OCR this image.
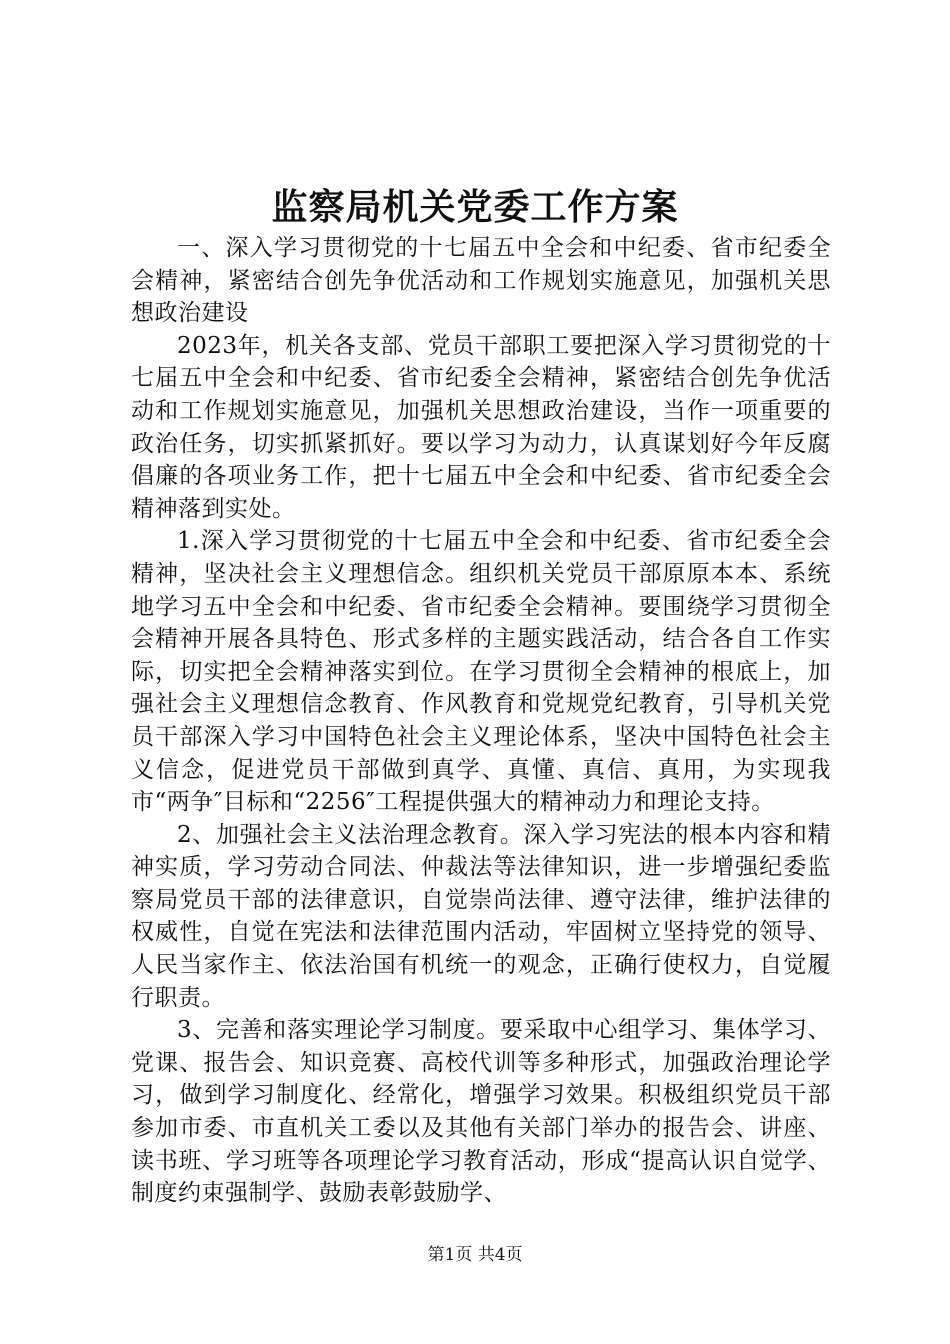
监察局机关党委工作方案

一、深入学习贯彻党的十七届五中全会和中纪委、省市纪委全会精神，紧密结合创先争优活动和工作规划实施意见，加强机关思想政治建设

2023年，机关各支部、党员干部职工要把深入学习贯彻党的十七届五中全会和中纪委、省市纪委全会精神，紧密结合创先争优活动和工作规划实施意见，加强机关思想政治建设，当作一项重要的政治任务，切实抓紧抓好。要以学习为动力，认真谋划好今年反腐倡廉的各项业务工作，把十七届五中全会和中纪委、省市纪委全会精神落到实处。

1.深入学习贯彻党的十七届五中全会和中纪委、省市纪委全会精神，坚决社会主义理想信念。组织机关党员干部原原本本、系统地学习五中全会和中纪委、省市纪委全会精神。要围绕学习贯彻全会精神开展各具特色、形式多样的主题实践活动，结合各自工作实际，切实把全会精神落实到位。在学习贯彻全会精神的根底上，加强社会主义理想信念教育、作风教育和党规党纪教育，引导机关党员干部深入学习中国特色社会主义理论体系，坚决中国特色社会主义信念，促进党员干部做到真学、真懂、真信、真用，为实现我市“两争″目标和“2256″工程提供强大的精神动力和理论支持。

2、加强社会主义法治理念教育。深入学习宪法的根本内容和精神实质，学习劳动合同法、仲裁法等法律知识，进一步增强纪委监察局党员干部的法律意识，自觉崇尚法律、遵守法律，维护法律的权威性，自觉在宪法和法律范围内活动，牢固树立坚持党的领导、人民当家作主、依法治国有机统一的观念，正确行使权力，自觉履行职责。

3、完善和落实理论学习制度。要采取中心组学习、集体学习、党课、报告会、知识竞赛、高校代训等多种形式，加强政治理论学习，做到学习制度化、经常化，增强学习效果。积极组织党员干部参加市委、市直机关工委以及其他有关部门举办的报告会、讲座、读书班、学习班等各项理论学习教育活动，形成“提高认识自觉学、制度约束强制学、鼓励表彰鼓励学、

第1页 共4页
